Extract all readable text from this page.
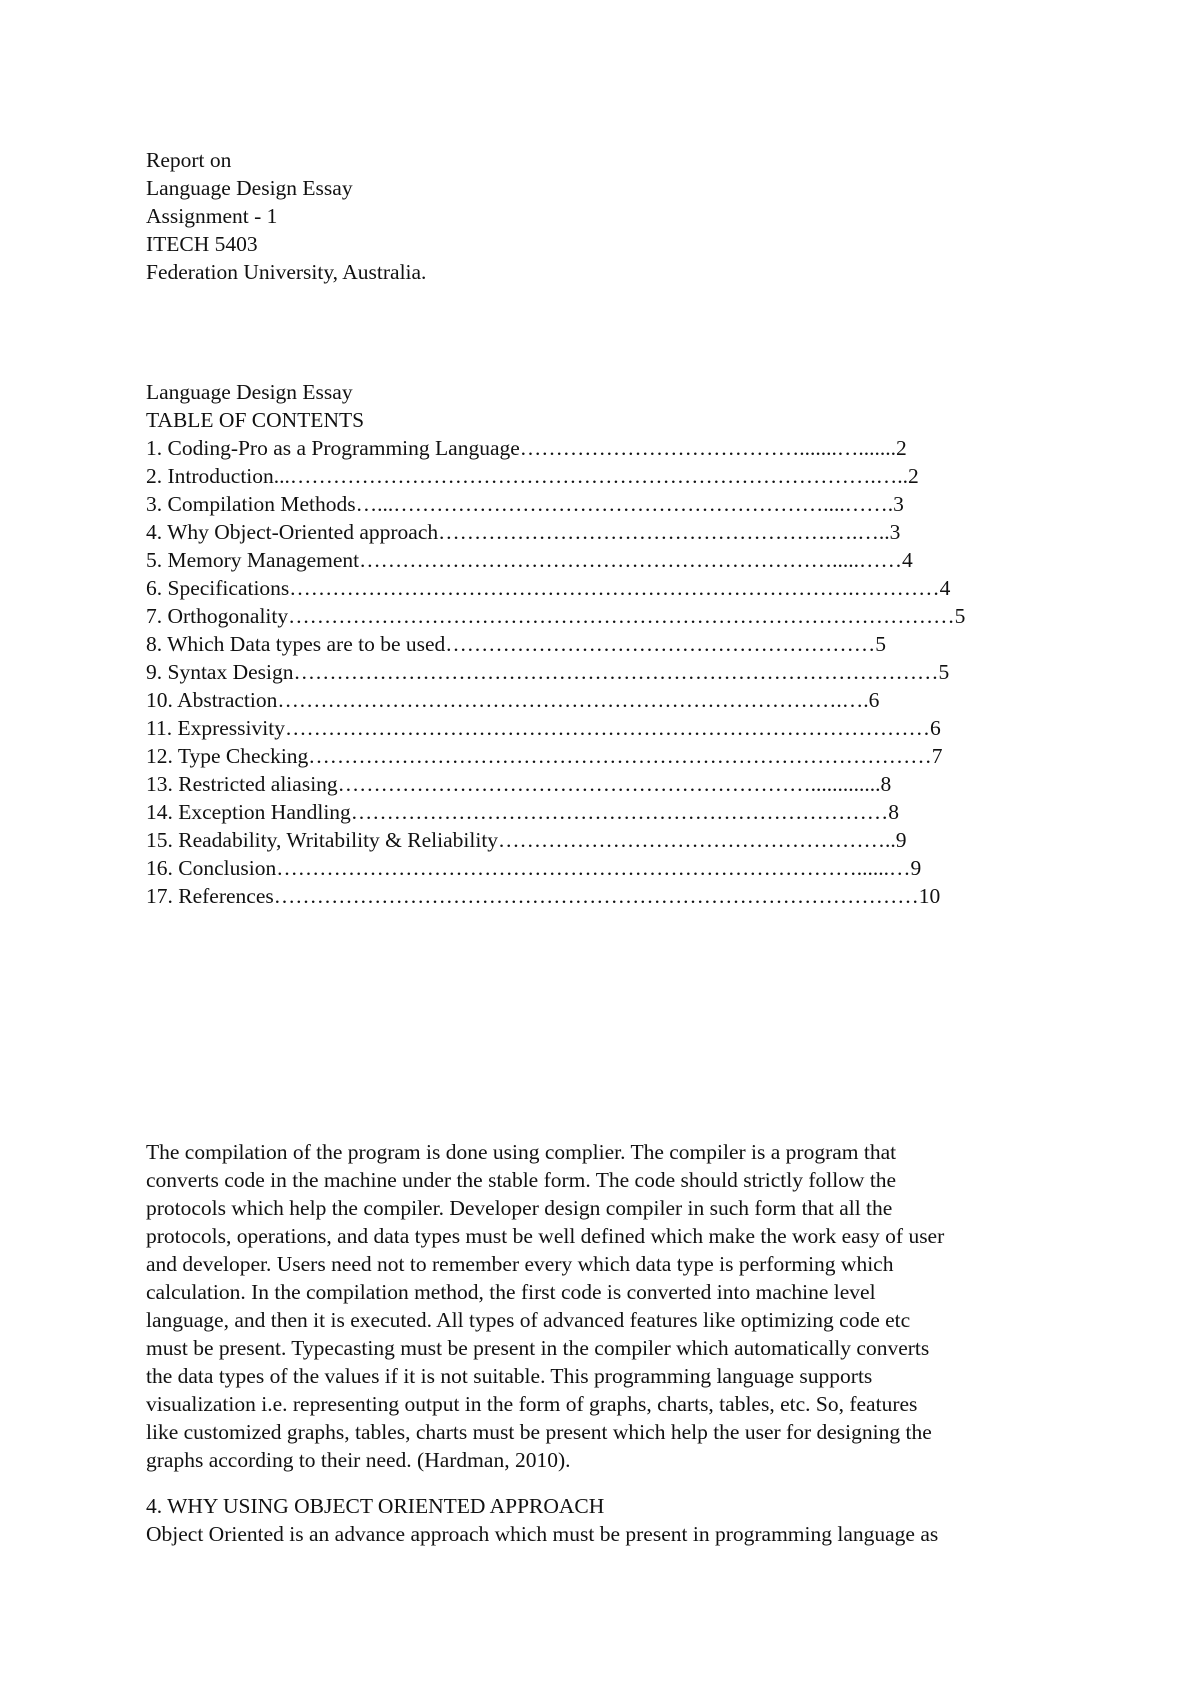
Report on

Language Design Essay

Assignment - 1

ITECH 5403

Federation University, Australia.

Language Design Essay

TABLE OF CONTENTS

1. Coding-Pro as a Programming Language………………………………….......….......2

2. Introduction...……………………………………………………………………….…..2

3. Compilation Methods…...……………………………………………………....…….3

4. Why Object-Oriented approach……………………………………………….….…..3

5. Memory Management………………………………………………………….....……4

6. Specifications…………………………………………………………………….…………4

7. Orthogonality…………………………………………………………………………………5

8. Which Data types are to be used……………………………………………………5

9. Syntax Design………………………………………………………………………………5

10. Abstraction…………………………………………………………………….….6

11. Expressivity………………………………………………………………………………6

12. Type Checking……………………………………………………………………………7

13. Restricted aliasing………………………………………………………….............8

14. Exception Handling…………………………………………………………………8

15. Readability, Writability & Reliability………………………………………………..9

16. Conclusion………………………………………………………………………......…9

17. References………………………………………………………………………………10

The compilation of the program is done using complier. The compiler is a program that

converts code in the machine under the stable form. The code should strictly follow the

protocols which help the compiler. Developer design compiler in such form that all the

protocols, operations, and data types must be well defined which make the work easy of user

and developer. Users need not to remember every which data type is performing which

calculation. In the compilation method, the first code is converted into machine level

language, and then it is executed. All types of advanced features like optimizing code etc

must be present. Typecasting must be present in the compiler which automatically converts

the data types of the values if it is not suitable. This programming language supports

visualization i.e. representing output in the form of graphs, charts, tables, etc. So, features

like customized graphs, tables, charts must be present which help the user for designing the

graphs according to their need. (Hardman, 2010).

4. WHY USING OBJECT ORIENTED APPROACH

Object Oriented is an advance approach which must be present in programming language as
